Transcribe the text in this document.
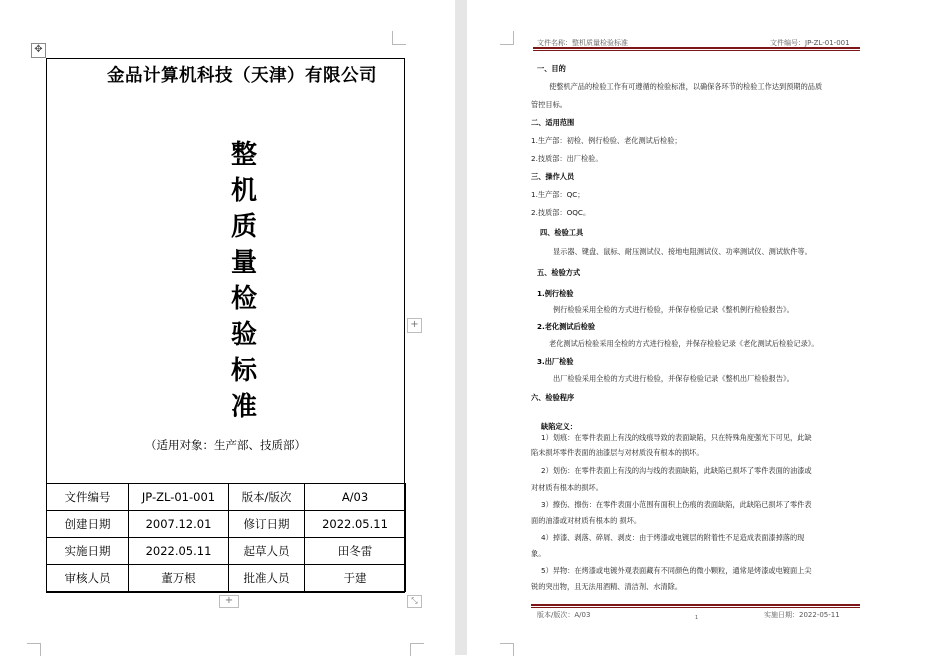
✥
金品计算机科技（天津）有限公司
整
机
质
量
检
验
标
准
（适用对象：生产部、技质部）
文件编号	JP-ZL-01-001	版本/版次	A/03
创建日期	2007.12.01	修订日期	2022.05.11
实施日期	2022.05.11	起草人员	田冬雷
审核人员	董万根	批准人员	于建
+
+
⤡
文件名称：整机质量检验标准	文件编号：JP-ZL-01-001
一、目的
使整机产品的检验工作有可遵循的检验标准，以确保各环节的检验工作达到预期的品质
管控目标。
二、适用范围
1.生产部：初检、例行检验、老化测试后检验；
2.技质部：出厂检验。
三、操作人员
1.生产部：QC；
2.技质部：OQC。
四、检验工具
显示器、键盘、鼠标、耐压测试仪、接地电阻测试仪、功率测试仪、测试软件等。
五、检验方式
1.例行检验
例行检验采用全检的方式进行检验，并保存检验记录《整机例行检验报告》。
2.老化测试后检验
老化测试后检验采用全检的方式进行检验，并保存检验记录《老化测试后检验记录》。
3.出厂检验
出厂检验采用全检的方式进行检验，并保存检验记录《整机出厂检验报告》。
六、检验程序
缺陷定义：
1）划痕：在零件表面上有浅的线痕导致的表面缺陷，只在特殊角度强光下可见，此缺
陷未损坏零件表面的油漆层与对材质没有根本的损坏。
2）划伤：在零件表面上有浅的沟与线的表面缺陷，此缺陷已损坏了零件表面的油漆或
对材质有根本的损坏。
3）擦伤、擦伤：在零件表面小范围有面积上伤痕的表面缺陷，此缺陷已损坏了零件表
面的油漆或对材质有根本的 损坏。
4）掉漆、剥落、碎屑、剥皮：由于烤漆或电镀层的附着性不足造成表面漆掉落的现
象。
5）异物：在烤漆或电镀外观表面藏有不同颜色的微小颗粒，通常是烤漆或电镀面上尖
锐的突出物，且无法用酒精、清洁剂、水清除。
版本/版次：A/03	1	实施日期：2022-05-11
